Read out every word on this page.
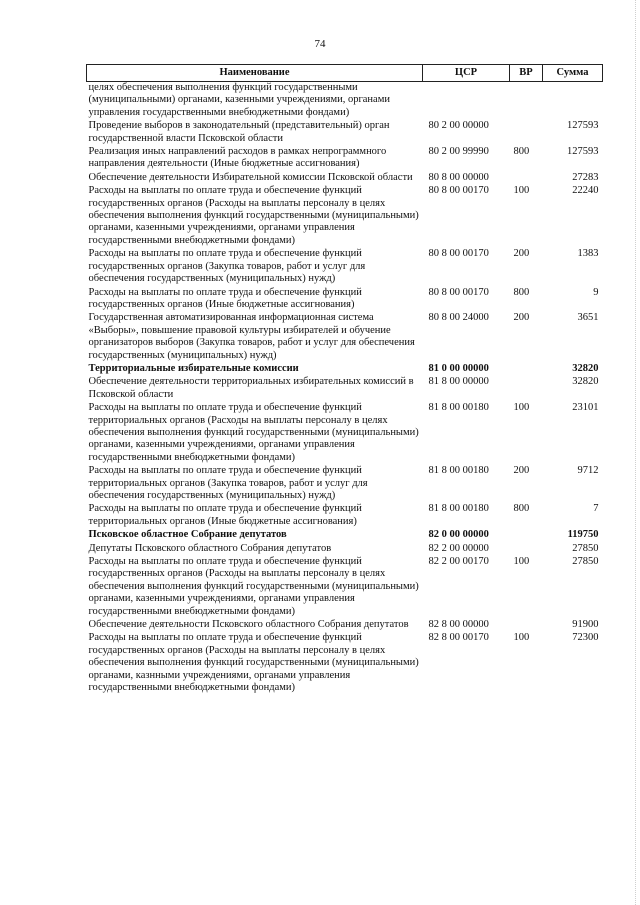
74
Наименование	ЦСР	ВР	Сумма
целях обеспечения выполнения функций государственными (муниципальными) органами, казенными учреждениями, органами управления государственными внебюджетными фондами)			
Проведение выборов в законодательный (представительный) орган государственной власти Псковской области	80 2 00 00000		127593
Реализация иных направлений расходов в рамках непрограммного направления деятельности (Иные бюджетные ассигнования)	80 2 00 99990	800	127593
Обеспечение деятельности Избирательной комиссии Псковской области	80 8 00 00000		27283
Расходы на выплаты по оплате труда и обеспечение функций государственных органов (Расходы на выплаты персоналу в целях обеспечения выполнения функций государственными (муниципальными) органами, казенными учреждениями, органами управления государственными внебюджетными фондами)	80 8 00 00170	100	22240
Расходы на выплаты по оплате труда и обеспечение функций государственных органов (Закупка товаров, работ и услуг для обеспечения государственных (муниципальных) нужд)	80 8 00 00170	200	1383
Расходы на выплаты по оплате труда и обеспечение функций государственных органов (Иные бюджетные ассигнования)	80 8 00 00170	800	9
Государственная автоматизированная информационная система «Выборы», повышение правовой культуры избирателей и обучение организаторов выборов (Закупка товаров, работ и услуг для обеспечения государственных (муниципальных) нужд)	80 8 00 24000	200	3651
Территориальные избирательные комиссии	81 0 00 00000		32820
Обеспечение деятельности территориальных избирательных комиссий в Псковской области	81 8 00 00000		32820
Расходы на выплаты по оплате труда и обеспечение функций территориальных органов (Расходы на выплаты персоналу в целях обеспечения выполнения функций государственными (муниципальными) органами, казенными учреждениями, органами управления государственными внебюджетными фондами)	81 8 00 00180	100	23101
Расходы на выплаты по оплате труда и обеспечение функций территориальных органов (Закупка товаров, работ и услуг для обеспечения государственных (муниципальных) нужд)	81 8 00 00180	200	9712
Расходы на выплаты по оплате труда и обеспечение функций территориальных органов (Иные бюджетные ассигнования)	81 8 00 00180	800	7
Псковское областное Собрание депутатов	82 0 00 00000		119750
Депутаты Псковского областного Собрания депутатов	82 2 00 00000		27850
Расходы на выплаты по оплате труда и обеспечение функций государственных органов (Расходы на выплаты персоналу в целях обеспечения выполнения функций государственными (муниципальными) органами, казенными учреждениями, органами управления государственными внебюджетными фондами)	82 2 00 00170	100	27850
Обеспечение деятельности Псковского областного Собрания депутатов	82 8 00 00000		91900
Расходы на выплаты по оплате труда и обеспечение функций государственных органов (Расходы на выплаты персоналу в целях обеспечения выполнения функций государственными (муниципальными) органами, казнными учреждениями, органами управления государственными внебюджетными фондами)	82 8 00 00170	100	72300
